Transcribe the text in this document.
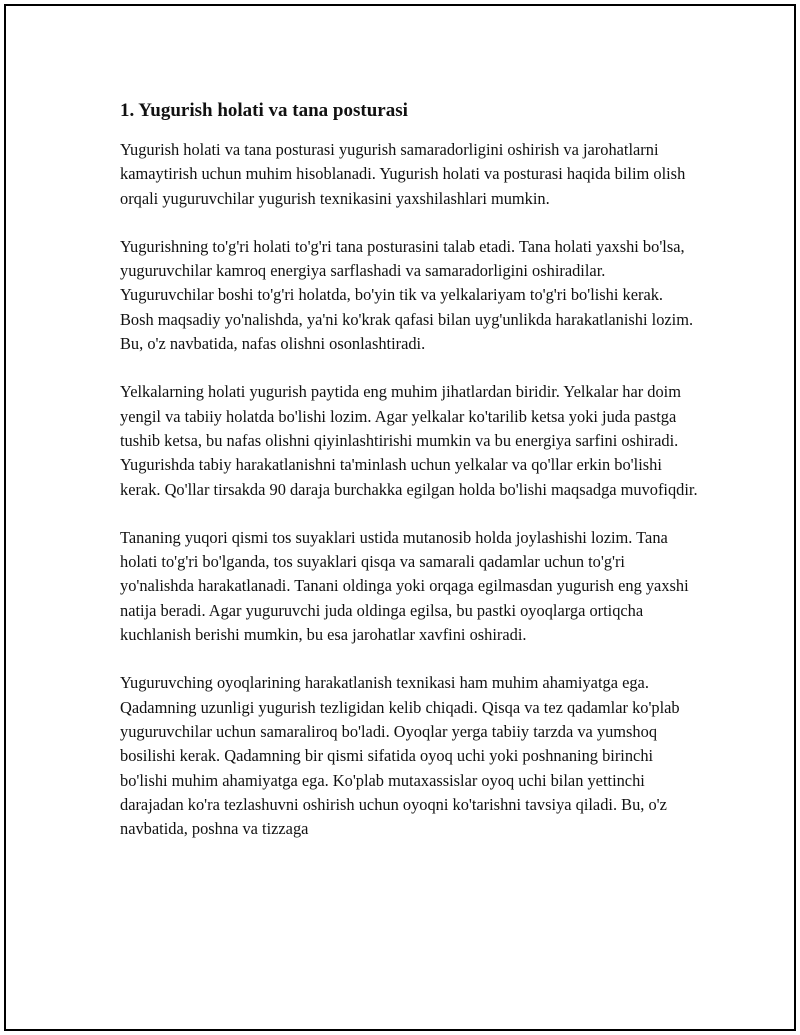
1. Yugurish holati va tana posturasi

Yugurish holati va tana posturasi yugurish samaradorligini oshirish va jarohatlarni kamaytirish uchun muhim hisoblanadi. Yugurish holati va posturasi haqida bilim olish orqali yuguruvchilar yugurish texnikasini yaxshilashlari mumkin.

Yugurishning to'g'ri holati to'g'ri tana posturasini talab etadi. Tana holati yaxshi bo'lsa, yuguruvchilar kamroq energiya sarflashadi va samaradorligini oshiradilar. Yuguruvchilar boshi to'g'ri holatda, bo'yin tik va yelkalariyam to'g'ri bo'lishi kerak. Bosh maqsadiy yo'nalishda, ya'ni ko'krak qafasi bilan uyg'unlikda harakatlanishi lozim. Bu, o'z navbatida, nafas olishni osonlashtiradi.

Yelkalarning holati yugurish paytida eng muhim jihatlardan biridir. Yelkalar har doim yengil va tabiiy holatda bo'lishi lozim. Agar yelkalar ko'tarilib ketsa yoki juda pastga tushib ketsa, bu nafas olishni qiyinlashtirishi mumkin va bu energiya sarfini oshiradi. Yugurishda tabiy harakatlanishni ta'minlash uchun yelkalar va qo'llar erkin bo'lishi kerak. Qo'llar tirsakda 90 daraja burchakka egilgan holda bo'lishi maqsadga muvofiqdir.

Tananing yuqori qismi tos suyaklari ustida mutanosib holda joylashishi lozim. Tana holati to'g'ri bo'lganda, tos suyaklari qisqa va samarali qadamlar uchun to'g'ri yo'nalishda harakatlanadi. Tanani oldinga yoki orqaga egilmasdan yugurish eng yaxshi natija beradi. Agar yuguruvchi juda oldinga egilsa, bu pastki oyoqlarga ortiqcha kuchlanish berishi mumkin, bu esa jarohatlar xavfini oshiradi.

Yuguruvching oyoqlarining harakatlanish texnikasi ham muhim ahamiyatga ega. Qadamning uzunligi yugurish tezligidan kelib chiqadi. Qisqa va tez qadamlar ko'plab yuguruvchilar uchun samaraliroq bo'ladi. Oyoqlar yerga tabiiy tarzda va yumshoq bosilishi kerak. Qadamning bir qismi sifatida oyoq uchi yoki poshnaning birinchi bo'lishi muhim ahamiyatga ega. Ko'plab mutaxassislar oyoq uchi bilan yettinchi darajadan ko'ra tezlashuvni oshirish uchun oyoqni ko'tarishni tavsiya qiladi. Bu, o'z navbatida, poshna va tizzaga
